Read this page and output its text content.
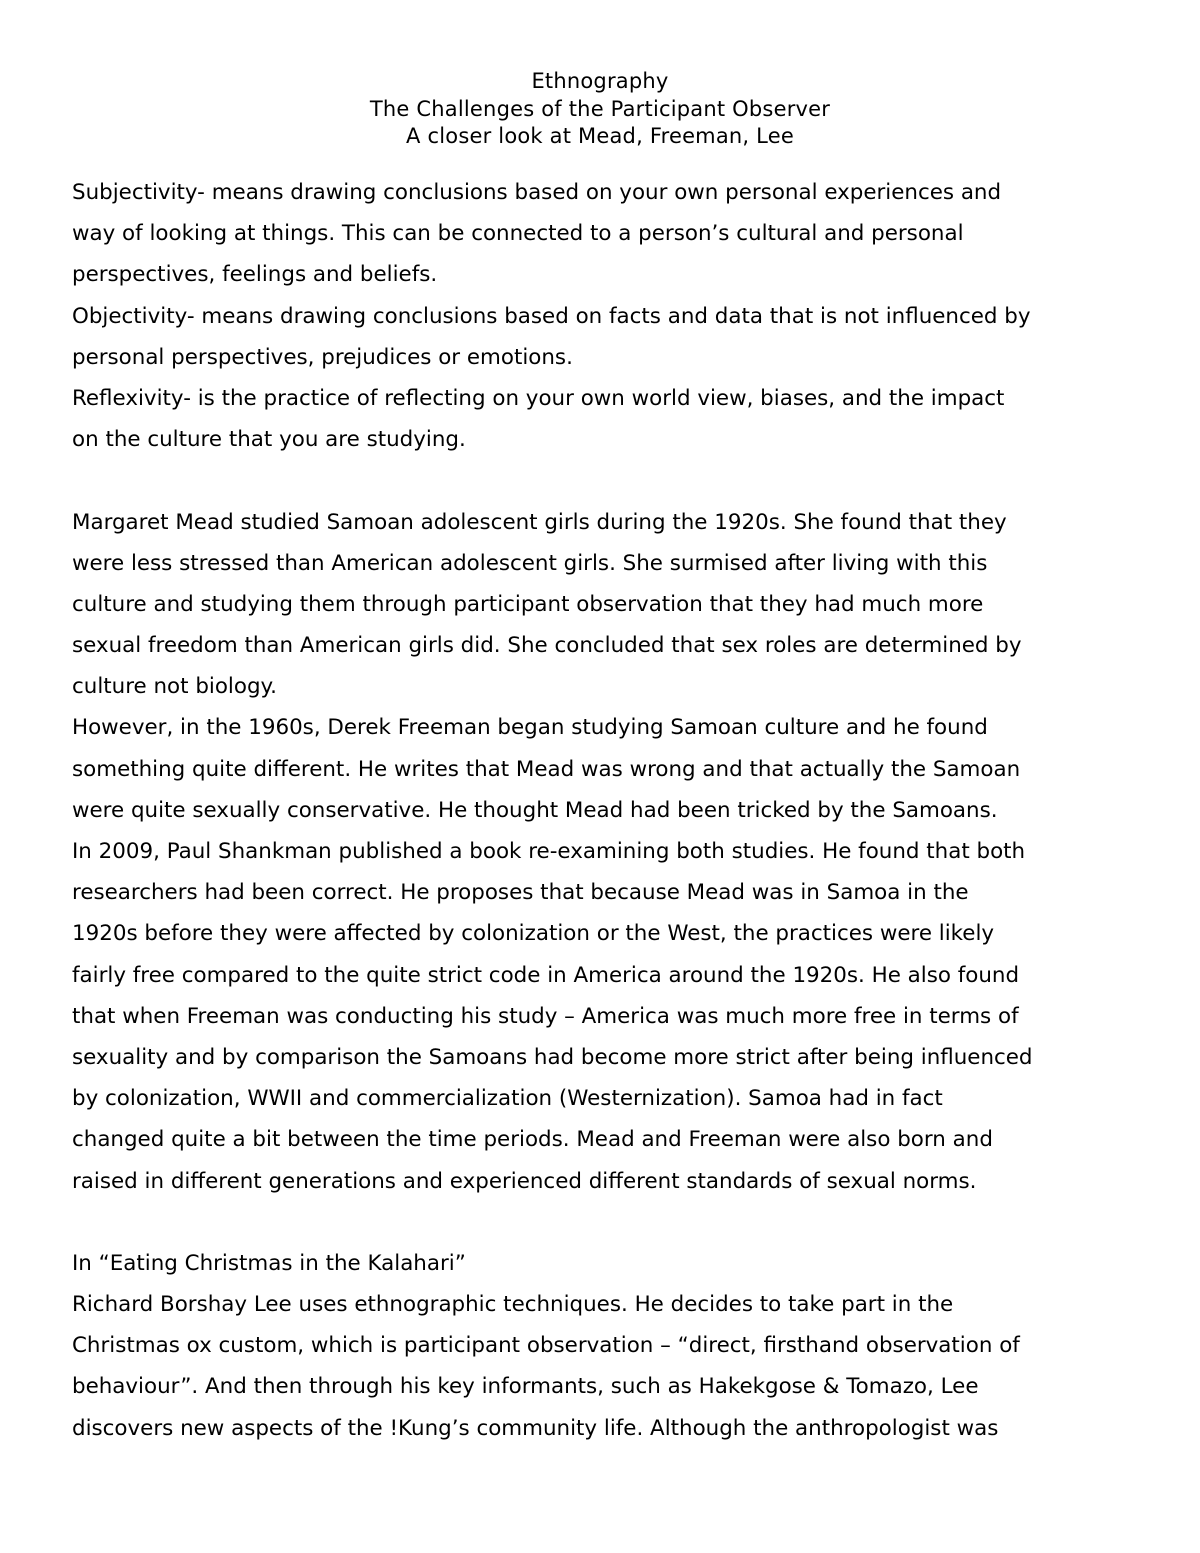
Ethnography
The Challenges of the Participant Observer
A closer look at Mead, Freeman, Lee
Subjectivity- means drawing conclusions based on your own personal experiences and
way of looking at things. This can be connected to a person’s cultural and personal
perspectives, feelings and beliefs.
Objectivity- means drawing conclusions based on facts and data that is not influenced by
personal perspectives, prejudices or emotions.
Reflexivity- is the practice of reflecting on your own world view, biases, and the impact
on the culture that you are studying.
Margaret Mead studied Samoan adolescent girls during the 1920s. She found that they
were less stressed than American adolescent girls. She surmised after living with this
culture and studying them through participant observation that they had much more
sexual freedom than American girls did. She concluded that sex roles are determined by
culture not biology.
However, in the 1960s, Derek Freeman began studying Samoan culture and he found
something quite different. He writes that Mead was wrong and that actually the Samoan
were quite sexually conservative. He thought Mead had been tricked by the Samoans.
In 2009, Paul Shankman published a book re-examining both studies. He found that both
researchers had been correct. He proposes that because Mead was in Samoa in the
1920s before they were affected by colonization or the West, the practices were likely
fairly free compared to the quite strict code in America around the 1920s. He also found
that when Freeman was conducting his study – America was much more free in terms of
sexuality and by comparison the Samoans had become more strict after being influenced
by colonization, WWII and commercialization (Westernization). Samoa had in fact
changed quite a bit between the time periods. Mead and Freeman were also born and
raised in different generations and experienced different standards of sexual norms.
In “Eating Christmas in the Kalahari”
Richard Borshay Lee uses ethnographic techniques. He decides to take part in the
Christmas ox custom, which is participant observation – “direct, firsthand observation of
behaviour”. And then through his key informants, such as Hakekgose & Tomazo, Lee
discovers new aspects of the !Kung’s community life. Although the anthropologist was
